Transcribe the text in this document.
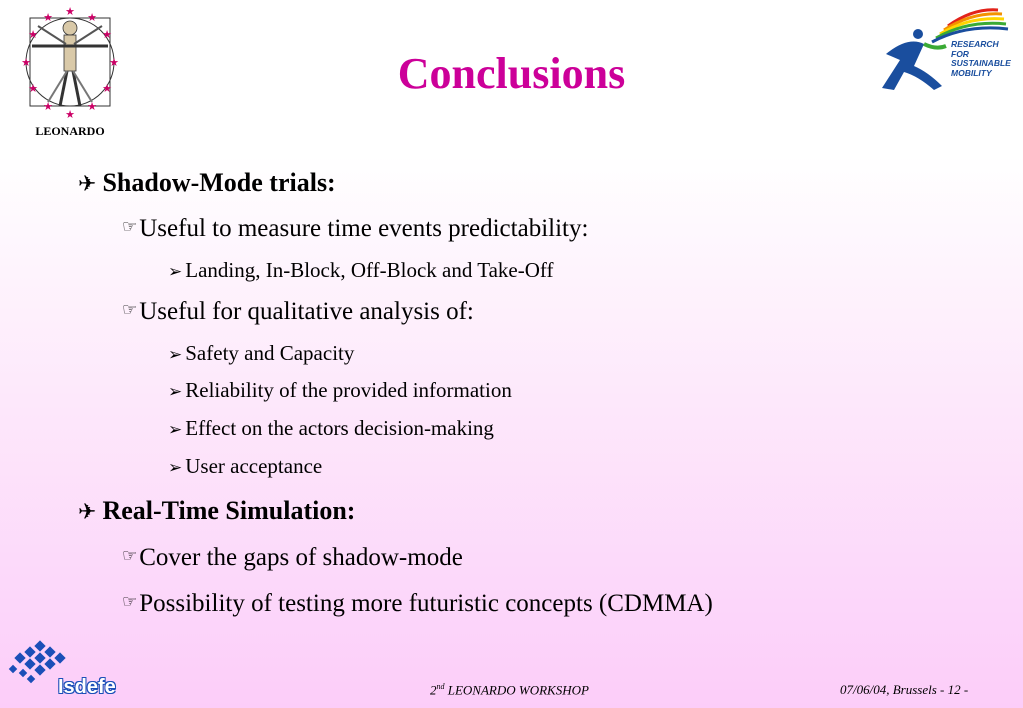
★ ★
★
★
★
★
★
★
★
★
★
★
LEONARDO
Conclusions
RESEARCH FOR
SUSTAINABLE
MOBILITY
✈ Shadow-Mode trials:
☞Useful to measure time events predictability:
➢ Landing, In-Block, Off-Block and Take-Off
☞Useful for qualitative analysis of:
➢ Safety and Capacity
➢ Reliability of the provided information
➢ Effect on the actors decision-making
➢ User acceptance
✈ Real-Time Simulation:
☞Cover the gaps of shadow-mode
☞Possibility of testing more futuristic concepts (CDMMA)
Isdefe	2nd LEONARDO WORKSHOP	07/06/04, Brussels - 12 -
